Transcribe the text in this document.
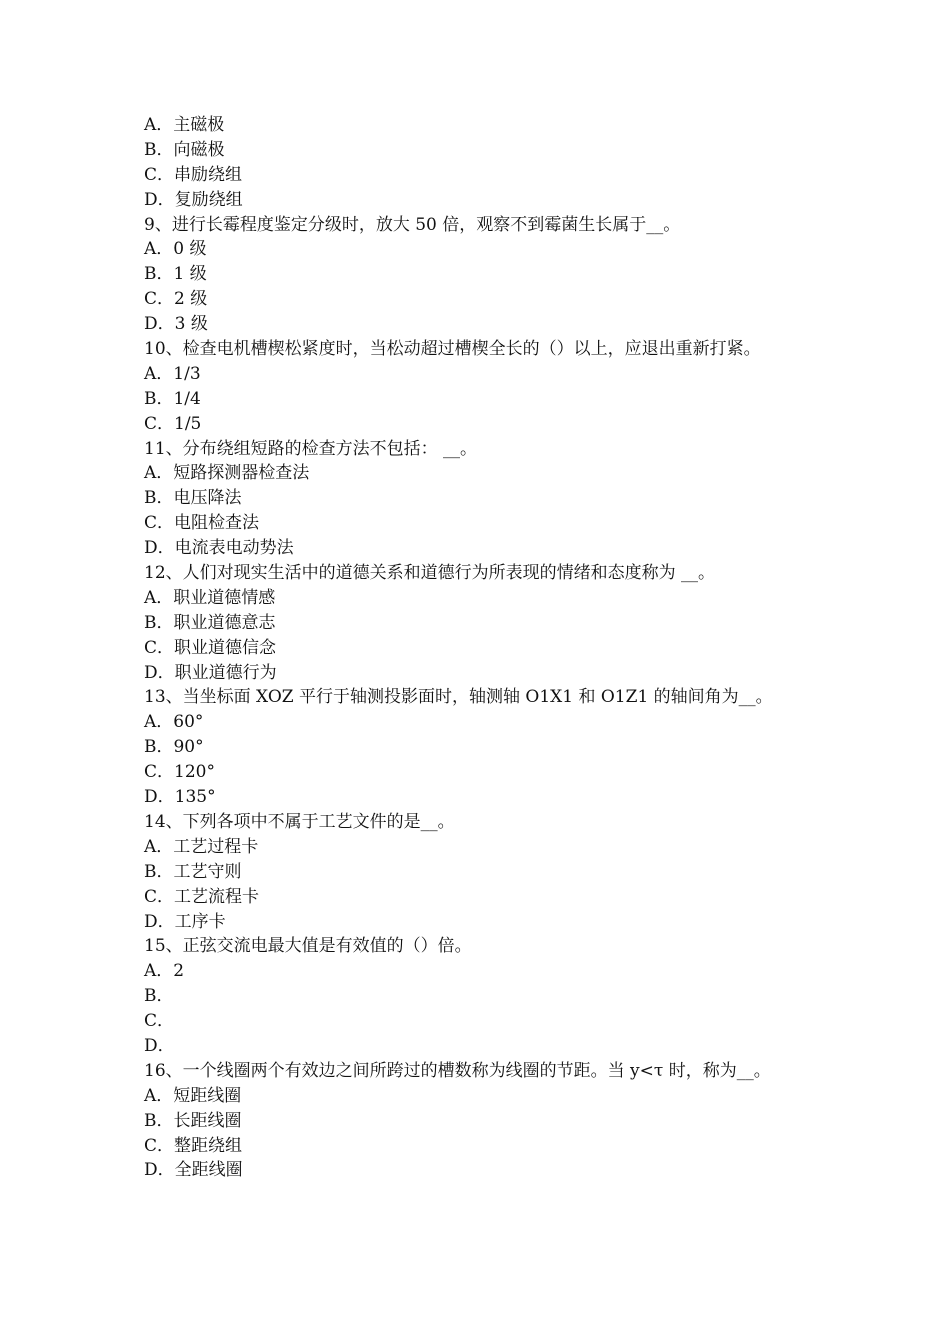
A．主磁极
B．向磁极
C．串励绕组
D．复励绕组
9、进行长霉程度鉴定分级时，放大 50 倍，观察不到霉菌生长属于__。
A．0 级
B．1 级
C．2 级
D．3 级
10、检查电机槽楔松紧度时，当松动超过槽楔全长的（）以上，应退出重新打紧。
A．1/3
B．1/4
C．1/5
11、分布绕组短路的检查方法不包括： __。
A．短路探测器检查法
B．电压降法
C．电阻检查法
D．电流表电动势法
12、人们对现实生活中的道德关系和道德行为所表现的情绪和态度称为 __。
A．职业道德情感
B．职业道德意志
C．职业道德信念
D．职业道德行为
13、当坐标面 XOZ 平行于轴测投影面时，轴测轴 O1X1 和 O1Z1 的轴间角为__。
A．60°
B．90°
C．120°
D．135°
14、下列各项中不属于工艺文件的是__。
A．工艺过程卡
B．工艺守则
C．工艺流程卡
D．工序卡
15、正弦交流电最大值是有效值的（）倍。
A．2
B．
C．
D．
16、一个线圈两个有效边之间所跨过的槽数称为线圈的节距。当 y<τ 时，称为__。
A．短距线圈
B．长距线圈
C．整距绕组
D．全距线圈
